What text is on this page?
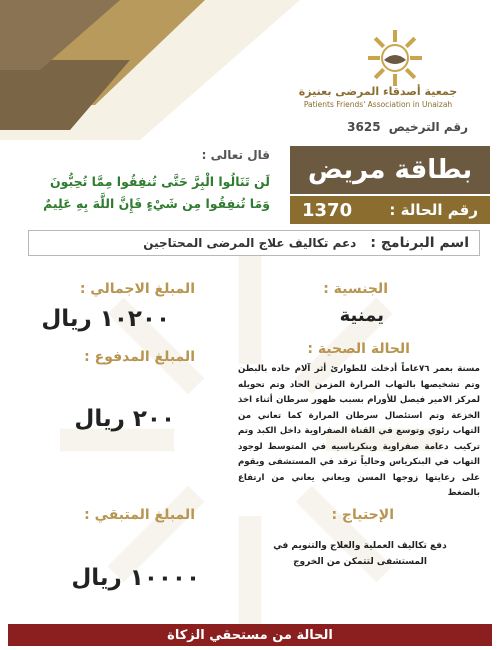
جمعية أصدقاء المرضى بعنيزة
Patients Friends' Association in Unaizah
رقم الترخيص 3625
بطاقة مريض
رقم الحالة :
1370
قال تعالى :
لَن تَنَالُوا الْبِرَّ حَتَّى تُنفِقُوا مِمَّا تُحِبُّونَ
وَمَا تُنفِقُوا مِن شَيْءٍ فَإِنَّ اللَّهَ بِهِ عَلِيمٌ
اسم البرنامج :
دعم تكاليف علاج المرضى المحتاجين
الجنسية :
يمنية
المبلغ الاجمالي :
١٠٢٠٠ ريال
المبلغ المدفوع :
٢٠٠ ريال
الحالة الصحية :
مسنة بعمر ٧٦عاماً أدخلت للطوارئ أثر آلام حاده بالبطن وتم تشخيصها بالتهاب المرارة المزمن الحاد وتم تحويله لمركز الامير فيصل للأورام بسبب ظهور سرطان أثناء اخذ الخزعة وتم استئصال سرطان المرارة كما تعاني من التهاب رئوي وتوسع في القناة الصفراوية داخل الكبد وتم تركيب دعامة صفراوية وبنكرياسيه في المتوسط لوجود التهاب في البنكرياس وحالياً ترقد في المستشفى ويقوم على رعايتها زوجها المسن ويعاني يعاني من ارتفاع بالضغط
الإحتياج :
دفع تكاليف العملية والعلاج والتنويم في المستشفى لتتمكن من الخروج
المبلغ المتبقي :
١٠٠٠٠ ريال
الحالة من مستحقي الزكاة
